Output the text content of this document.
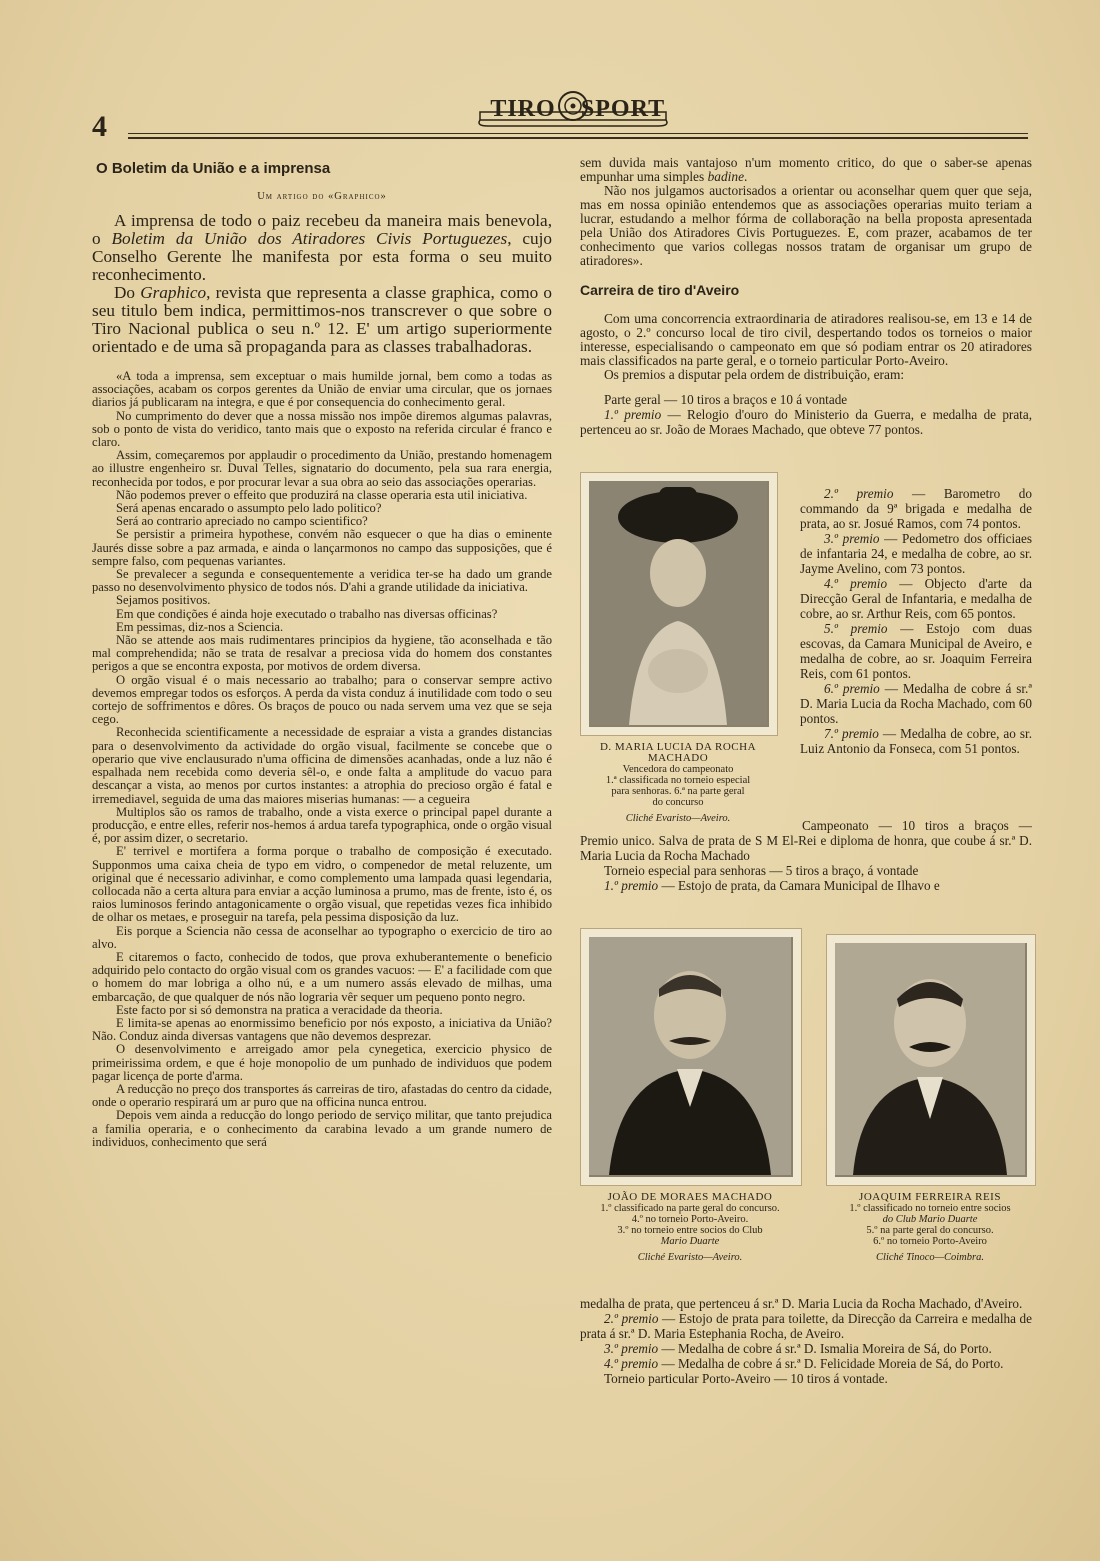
4
TIRO SPORT
O Boletim da União e a imprensa
Um artigo do «Graphico»

A imprensa de todo o paiz recebeu da maneira mais benevola, o Boletim da União dos Atiradores Civis Portuguezes, cujo Conselho Gerente lhe manifesta por esta forma o seu muito reconhecimento.

Do Graphico, revista que representa a classe graphica, como o seu titulo bem indica, permittimos-nos transcrever o que sobre o Tiro Nacional publica o seu n.º 12. E' um artigo superiormente orientado e de uma sã propaganda para as classes trabalhadoras.

«A toda a imprensa, sem exceptuar o mais humilde jornal, bem como a todas as associações, acabam os corpos gerentes da União de enviar uma circular, que os jornaes diarios já publicaram na integra, e que é por consequencia do conhecimento geral.

No cumprimento do dever que a nossa missão nos impõe diremos algumas palavras, sob o ponto de vista do veridico, tanto mais que o exposto na referida circular é franco e claro.

Assim, começaremos por applaudir o procedimento da União, prestando homenagem ao illustre engenheiro sr. Duval Telles, signatario do documento, pela sua rara energia, reconhecida por todos, e por procurar levar a sua obra ao seio das associações operarias.

Não podemos prever o effeito que produzirá na classe operaria esta util iniciativa.

Será apenas encarado o assumpto pelo lado politico?

Será ao contrario apreciado no campo scientifico?

Se persistir a primeira hypothese, convém não esquecer o que ha dias o eminente Jaurés disse sobre a paz armada, e ainda o lançarmonos no campo das supposições, que é sempre falso, com pequenas variantes.

Se prevalecer a segunda e consequentemente a veridica ter-se ha dado um grande passo no desenvolvimento physico de todos nós. D'ahi a grande utilidade da iniciativa.

Sejamos positivos.

Em que condições é ainda hoje executado o trabalho nas diversas officinas?

Em pessimas, diz-nos a Sciencia.

Não se attende aos mais rudimentares principios da hygiene, tão aconselhada e tão mal comprehendida; não se trata de resalvar a preciosa vida do homem dos constantes perigos a que se encontra exposta, por motivos de ordem diversa.

O orgão visual é o mais necessario ao trabalho; para o conservar sempre activo devemos empregar todos os esforços. A perda da vista conduz á inutilidade com todo o seu cortejo de soffrimentos e dôres. Os braços de pouco ou nada servem uma vez que se seja cego.

Reconhecida scientificamente a necessidade de espraiar a vista a grandes distancias para o desenvolvimento da actividade do orgão visual, facilmente se concebe que o operario que vive enclausurado n'uma officina de dimensões acanhadas, onde a luz não é espalhada nem recebida como deveria sêl-o, e onde falta a amplitude do vacuo para descançar a vista, ao menos por curtos instantes: a atrophia do precioso orgão é fatal e irremediavel, seguida de uma das maiores miserias humanas: — a cegueira

Multiplos são os ramos de trabalho, onde a vista exerce o principal papel durante a producção, e entre elles, referir nos-hemos á ardua tarefa typographica, onde o orgão visual é, por assim dizer, o secretario.

E' terrivel e mortifera a forma porque o trabalho de composição é executado. Supponmos uma caixa cheia de typo em vidro, o compenedor de metal reluzente, um original que é necessario adivinhar, e como complemento uma lampada quasi legendaria, collocada não a certa altura para enviar a acção luminosa a prumo, mas de frente, isto é, os raios luminosos ferindo antagonicamente o orgão visual, que repetidas vezes fica inhibido de olhar os metaes, e proseguir na tarefa, pela pessima disposição da luz.

Eis porque a Sciencia não cessa de aconselhar ao typographo o exercicio de tiro ao alvo.

E citaremos o facto, conhecido de todos, que prova exhuberantemente o beneficio adquirido pelo contacto do orgão visual com os grandes vacuos: — E' a facilidade com que o homem do mar lobriga a olho nú, e a um numero assás elevado de milhas, uma embarcação, de que qualquer de nós não lograria vêr sequer um pequeno ponto negro.

Este facto por si só demonstra na pratica a veracidade da theoria.

E limita-se apenas ao enormissimo beneficio por nós exposto, a iniciativa da União? Não. Conduz ainda diversas vantagens que não devemos desprezar.

O desenvolvimento e arreigado amor pela cynegetica, exercicio physico de primeirissima ordem, e que é hoje monopolio de um punhado de individuos que podem pagar licença de porte d'arma.

A reducção no preço dos transportes ás carreiras de tiro, afastadas do centro da cidade, onde o operario respirará um ar puro que na officina nunca entrou.

Depois vem ainda a reducção do longo periodo de serviço militar, que tanto prejudica a familia operaria, e o conhecimento da carabina levado a um grande numero de individuos, conhecimento que será

sem duvida mais vantajoso n'um momento critico, do que o saber-se apenas empunhar uma simples badine.

Não nos julgamos auctorisados a orientar ou aconselhar quem quer que seja, mas em nossa opinião entendemos que as associações operarias muito teriam a lucrar, estudando a melhor fórma de collaboração na bella proposta apresentada pela União dos Atiradores Civis Portuguezes. E, com prazer, acabamos de ter conhecimento que varios collegas nossos tratam de organisar um grupo de atiradores».

Carreira de tiro d'Aveiro

Com uma concorrencia extraordinaria de atiradores realisou-se, em 13 e 14 de agosto, o 2.º concurso local de tiro civil, despertando todos os torneios o maior interesse, especialisando o campeonato em que só podiam entrar os 20 atiradores mais classificados na parte geral, e o torneio particular Porto-Aveiro.

Os premios a disputar pela ordem de distribuição, eram:

Parte geral — 10 tiros a braços e 10 á vontade

1.º premio — Relogio d'ouro do Ministerio da Guerra, e medalha de prata, pertenceu ao sr. João de Moraes Machado, que obteve 77 pontos.

D. MARIA LUCIA DA ROCHA MACHADO
Vencedora do campeonato
1.ª classificada no torneio especial
para senhoras. 6.ª na parte geral
do concurso
Cliché Evaristo—Aveiro.

2.º premio — Barometro do commando da 9ª brigada e medalha de prata, ao sr. Josué Ramos, com 74 pontos.

3.º premio — Pedometro dos officiaes de infantaria 24, e medalha de cobre, ao sr. Jayme Avelino, com 73 pontos.

4.º premio — Objecto d'arte da Direcção Geral de Infantaria, e medalha de cobre, ao sr. Arthur Reis, com 65 pontos.

5.º premio — Estojo com duas escovas, da Camara Municipal de Aveiro, e medalha de cobre, ao sr. Joaquim Ferreira Reis, com 61 pontos.

6.º premio — Medalha de cobre á sr.ª D. Maria Lucia da Rocha Machado, com 60 pontos.

7.º premio — Medalha de cobre, ao sr. Luiz Antonio da Fonseca, com 51 pontos.

Campeonato — 10 tiros a braços — Premio unico. Salva de prata de S M El-Rei e diploma de honra, que coube á sr.ª D. Maria Lucia da Rocha Machado

Torneio especial para senhoras — 5 tiros a braço, á vontade

1.º premio — Estojo de prata, da Camara Municipal de Ilhavo e

JOÃO DE MORAES MACHADO
1.º classificado na parte geral do concurso.
4.º no torneio Porto-Aveiro.
3.º no torneio entre socios do Club
Mario Duarte
Cliché Evaristo—Aveiro.
JOAQUIM FERREIRA REIS
1.º classificado no torneio entre socios
do Club Mario Duarte
5.º na parte geral do concurso.
6.º no torneio Porto-Aveiro
Cliché Tinoco—Coimbra.

medalha de prata, que pertenceu á sr.ª D. Maria Lucia da Rocha Machado, d'Aveiro.

2.º premio — Estojo de prata para toilette, da Direcção da Carreira e medalha de prata á sr.ª D. Maria Estephania Rocha, de Aveiro.

3.º premio — Medalha de cobre á sr.ª D. Ismalia Moreira de Sá, do Porto.

4.º premio — Medalha de cobre á sr.ª D. Felicidade Moreia de Sá, do Porto.

Torneio particular Porto-Aveiro — 10 tiros á vontade.
